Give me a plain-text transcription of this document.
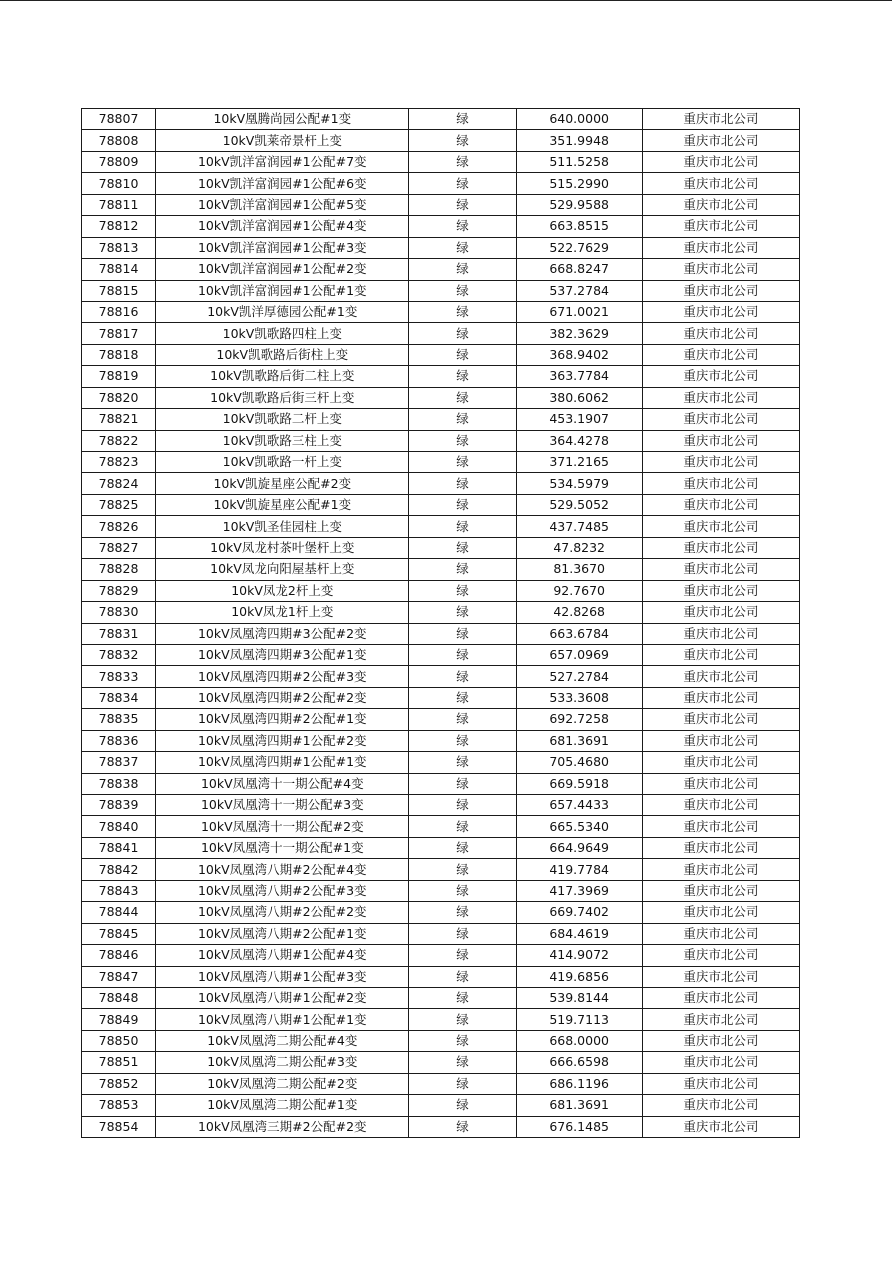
78807	10kV凰腾尚园公配#1变	绿	640.0000	重庆市北公司
78808	10kV凯莱帝景杆上变	绿	351.9948	重庆市北公司
78809	10kV凯洋富润园#1公配#7变	绿	511.5258	重庆市北公司
78810	10kV凯洋富润园#1公配#6变	绿	515.2990	重庆市北公司
78811	10kV凯洋富润园#1公配#5变	绿	529.9588	重庆市北公司
78812	10kV凯洋富润园#1公配#4变	绿	663.8515	重庆市北公司
78813	10kV凯洋富润园#1公配#3变	绿	522.7629	重庆市北公司
78814	10kV凯洋富润园#1公配#2变	绿	668.8247	重庆市北公司
78815	10kV凯洋富润园#1公配#1变	绿	537.2784	重庆市北公司
78816	10kV凯洋厚德园公配#1变	绿	671.0021	重庆市北公司
78817	10kV凯歌路四柱上变	绿	382.3629	重庆市北公司
78818	10kV凯歌路后街柱上变	绿	368.9402	重庆市北公司
78819	10kV凯歌路后街二柱上变	绿	363.7784	重庆市北公司
78820	10kV凯歌路后街三杆上变	绿	380.6062	重庆市北公司
78821	10kV凯歌路二杆上变	绿	453.1907	重庆市北公司
78822	10kV凯歌路三柱上变	绿	364.4278	重庆市北公司
78823	10kV凯歌路一杆上变	绿	371.2165	重庆市北公司
78824	10kV凯旋星座公配#2变	绿	534.5979	重庆市北公司
78825	10kV凯旋星座公配#1变	绿	529.5052	重庆市北公司
78826	10kV凯圣佳园柱上变	绿	437.7485	重庆市北公司
78827	10kV凤龙村茶叶堡杆上变	绿	47.8232	重庆市北公司
78828	10kV凤龙向阳屋基杆上变	绿	81.3670	重庆市北公司
78829	10kV凤龙2杆上变	绿	92.7670	重庆市北公司
78830	10kV凤龙1杆上变	绿	42.8268	重庆市北公司
78831	10kV凤凰湾四期#3公配#2变	绿	663.6784	重庆市北公司
78832	10kV凤凰湾四期#3公配#1变	绿	657.0969	重庆市北公司
78833	10kV凤凰湾四期#2公配#3变	绿	527.2784	重庆市北公司
78834	10kV凤凰湾四期#2公配#2变	绿	533.3608	重庆市北公司
78835	10kV凤凰湾四期#2公配#1变	绿	692.7258	重庆市北公司
78836	10kV凤凰湾四期#1公配#2变	绿	681.3691	重庆市北公司
78837	10kV凤凰湾四期#1公配#1变	绿	705.4680	重庆市北公司
78838	10kV凤凰湾十一期公配#4变	绿	669.5918	重庆市北公司
78839	10kV凤凰湾十一期公配#3变	绿	657.4433	重庆市北公司
78840	10kV凤凰湾十一期公配#2变	绿	665.5340	重庆市北公司
78841	10kV凤凰湾十一期公配#1变	绿	664.9649	重庆市北公司
78842	10kV凤凰湾八期#2公配#4变	绿	419.7784	重庆市北公司
78843	10kV凤凰湾八期#2公配#3变	绿	417.3969	重庆市北公司
78844	10kV凤凰湾八期#2公配#2变	绿	669.7402	重庆市北公司
78845	10kV凤凰湾八期#2公配#1变	绿	684.4619	重庆市北公司
78846	10kV凤凰湾八期#1公配#4变	绿	414.9072	重庆市北公司
78847	10kV凤凰湾八期#1公配#3变	绿	419.6856	重庆市北公司
78848	10kV凤凰湾八期#1公配#2变	绿	539.8144	重庆市北公司
78849	10kV凤凰湾八期#1公配#1变	绿	519.7113	重庆市北公司
78850	10kV凤凰湾二期公配#4变	绿	668.0000	重庆市北公司
78851	10kV凤凰湾二期公配#3变	绿	666.6598	重庆市北公司
78852	10kV凤凰湾二期公配#2变	绿	686.1196	重庆市北公司
78853	10kV凤凰湾二期公配#1变	绿	681.3691	重庆市北公司
78854	10kV凤凰湾三期#2公配#2变	绿	676.1485	重庆市北公司
